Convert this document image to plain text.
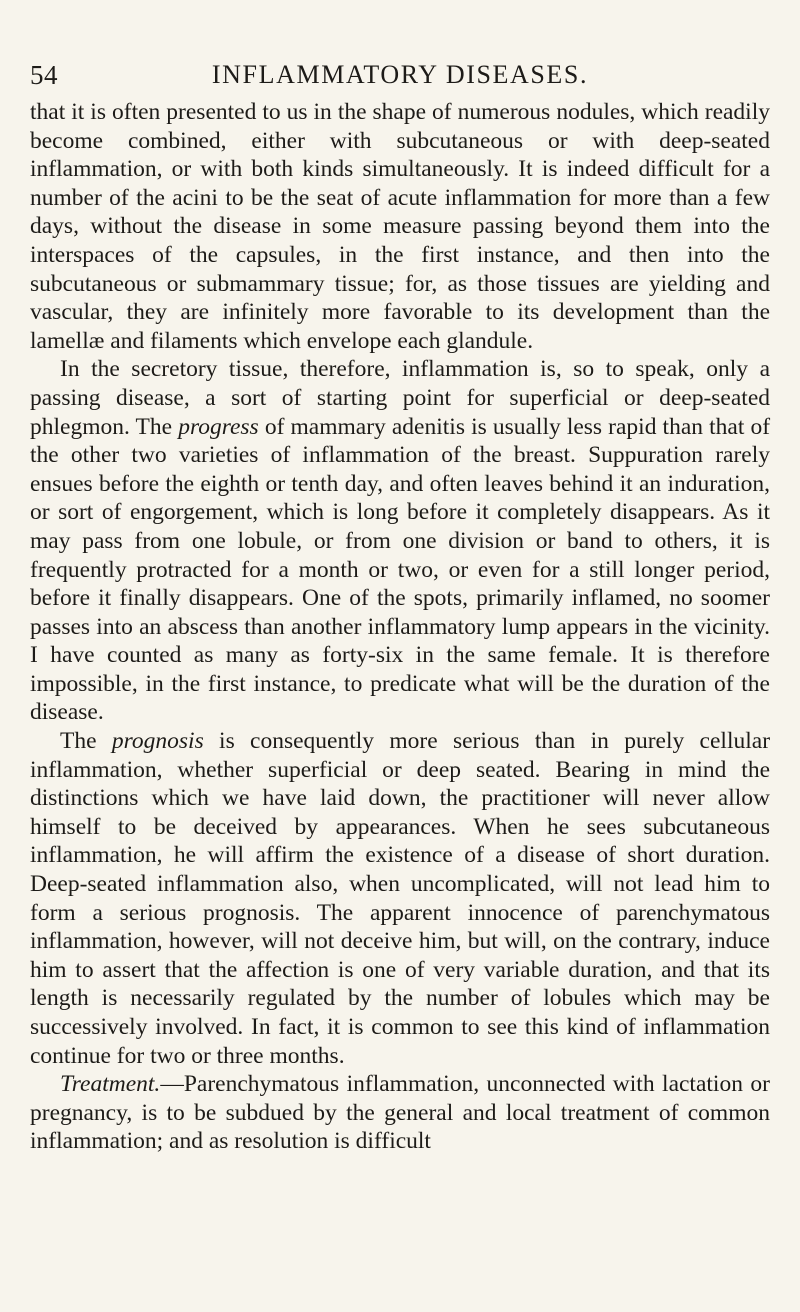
54	INFLAMMATORY DISEASES.

that it is often presented to us in the shape of numerous nodules, which readily become combined, either with subcutaneous or with deep-seated inflammation, or with both kinds simultaneously. It is indeed difficult for a number of the acini to be the seat of acute inflammation for more than a few days, without the disease in some measure passing beyond them into the interspaces of the capsules, in the first instance, and then into the subcutaneous or submammary tissue; for, as those tissues are yielding and vascular, they are infinitely more favorable to its development than the lamellæ and filaments which envelope each glandule.

In the secretory tissue, therefore, inflammation is, so to speak, only a passing disease, a sort of starting point for superficial or deep-seated phlegmon. The progress of mammary adenitis is usually less rapid than that of the other two varieties of inflammation of the breast. Suppuration rarely ensues before the eighth or tenth day, and often leaves behind it an induration, or sort of engorgement, which is long before it completely disappears. As it may pass from one lobule, or from one division or band to others, it is frequently protracted for a month or two, or even for a still longer period, before it finally disappears. One of the spots, primarily inflamed, no soomer passes into an abscess than another inflammatory lump appears in the vicinity. I have counted as many as forty-six in the same female. It is therefore impossible, in the first instance, to predicate what will be the duration of the disease.

The prognosis is consequently more serious than in purely cellular inflammation, whether superficial or deep seated. Bearing in mind the distinctions which we have laid down, the practitioner will never allow himself to be deceived by appearances. When he sees subcutaneous inflammation, he will affirm the existence of a disease of short duration. Deep-seated inflammation also, when uncomplicated, will not lead him to form a serious prognosis. The apparent innocence of parenchymatous inflammation, however, will not deceive him, but will, on the contrary, induce him to assert that the affection is one of very variable duration, and that its length is necessarily regulated by the number of lobules which may be successively involved. In fact, it is common to see this kind of inflammation continue for two or three months.

Treatment.—Parenchymatous inflammation, unconnected with lactation or pregnancy, is to be subdued by the general and local treatment of common inflammation; and as resolution is difficult
